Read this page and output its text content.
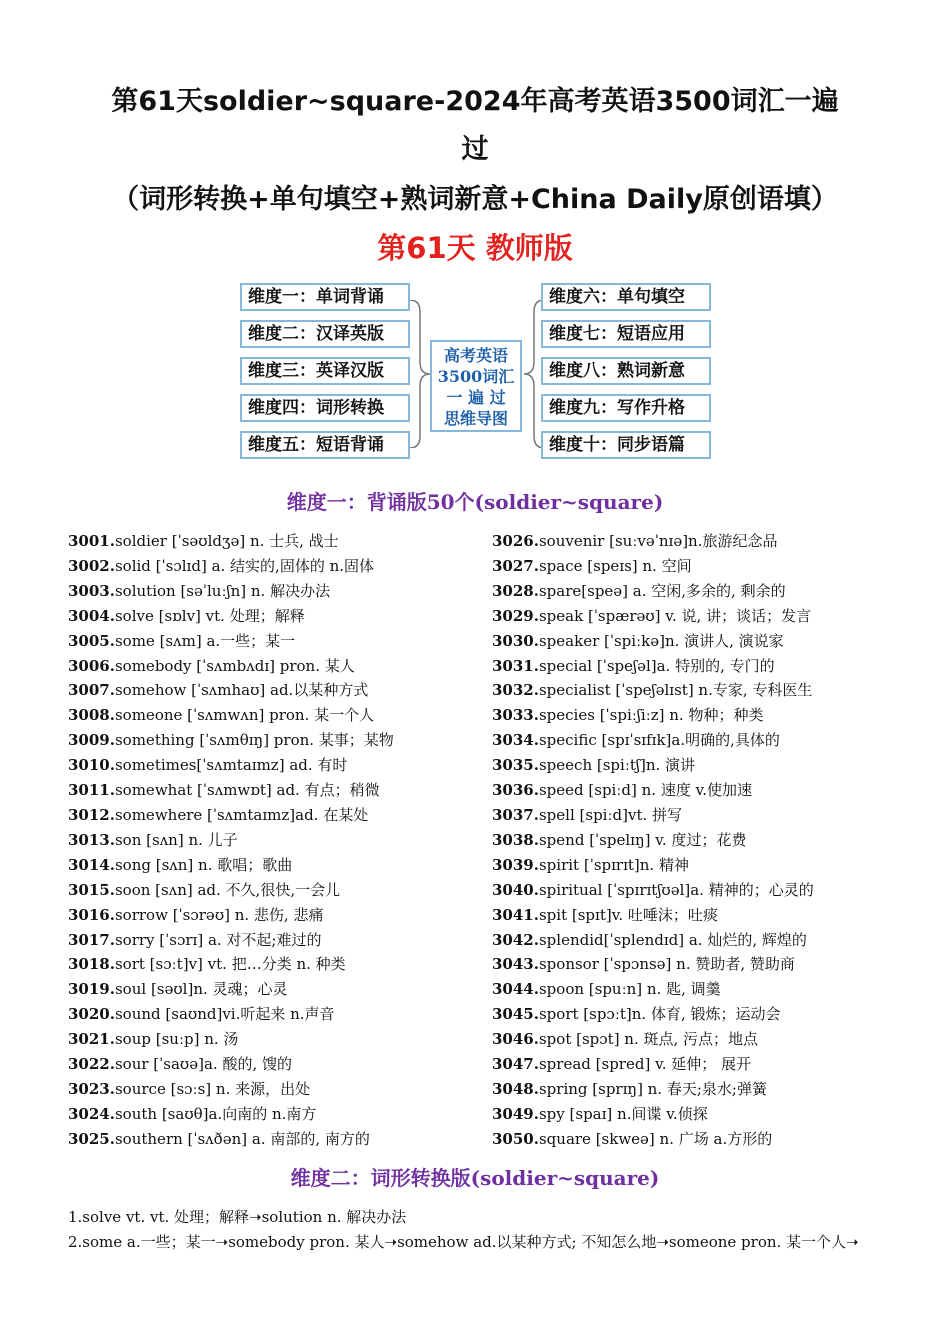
第61天soldier~square-2024年高考英语3500词汇一遍
过
（词形转换+单句填空+熟词新意+China Daily原创语填）
第61天 教师版
维度一：单词背诵
维度二：汉译英版
维度三：英译汉版
维度四：词形转换
维度五：短语背诵
高考英语
3500词汇
一 遍 过
思维导图
维度六：单句填空
维度七：短语应用
维度八：熟词新意
维度九：写作升格
维度十：同步语篇
维度一：背诵版50个(soldier~square)
3001.soldier [ˈsəʊldʒə] n. 士兵, 战士
3002.solid [ˈsɔlɪd] a. 结实的,固体的 n.固体
3003.solution [səˈluːʃn] n. 解决办法
3004.solve [sɒlv] vt. 处理；解释
3005.some [sʌm] a.一些；某一
3006.somebody [ˈsʌmbʌdɪ] pron. 某人
3007.somehow [ˈsʌmhaʊ] ad.以某种方式
3008.someone [ˈsʌmwʌn] pron. 某一个人
3009.something [ˈsʌmθɪŋ] pron. 某事；某物
3010.sometimes[ˈsʌmtaɪmz] ad. 有时
3011.somewhat [ˈsʌmwɒt] ad. 有点；稍微
3012.somewhere [ˈsʌmtaɪmz]ad. 在某处
3013.son [sʌn] n. 儿子
3014.song [sʌn] n. 歌唱；歌曲
3015.soon [sʌn] ad. 不久,很快,一会儿
3016.sorrow [ˈsɔrəʊ] n. 悲伤, 悲痛
3017.sorry [ˈsɔrɪ] a. 对不起;难过的
3018.sort [sɔːt]v] vt. 把…分类 n. 种类
3019.soul [səʊl]n. 灵魂；心灵
3020.sound [saʊnd]vi.听起来 n.声音
3021.soup [suːp] n. 汤
3022.sour [ˈsaʊə]a. 酸的, 馊的
3023.source [sɔːs] n. 来源，出处
3024.south [saʊθ]a.向南的 n.南方
3025.southern [ˈsʌðən] a. 南部的, 南方的
3026.souvenir [suːvəˈnɪə]n.旅游纪念品
3027.space [speɪs] n. 空间
3028.spare[speə] a. 空闲,多余的, 剩余的
3029.speak [ˈspærəʊ] v. 说, 讲；谈话；发言
3030.speaker [ˈspiːkə]n. 演讲人, 演说家
3031.special [ˈspeʃəl]a. 特别的, 专门的
3032.specialist [ˈspeʃəlɪst] n.专家, 专科医生
3033.species [ˈspiːʃiːz] n. 物种；种类
3034.specific [spɪˈsɪfɪk]a.明确的,具体的
3035.speech [spiːtʃ]n. 演讲
3036.speed [spiːd] n. 速度 v.使加速
3037.spell [spiːd]vt. 拼写
3038.spend [ˈspelɪŋ] v. 度过；花费
3039.spirit [ˈspɪrɪt]n. 精神
3040.spiritual [ˈspɪrɪtʃʊəl]a. 精神的；心灵的
3041.spit [spɪt]v. 吐唾沫；吐痰
3042.splendid[ˈsplendɪd] a. 灿烂的, 辉煌的
3043.sponsor [ˈspɔnsə] n. 赞助者, 赞助商
3044.spoon [spuːn] n. 匙, 调羹
3045.sport [spɔːt]n. 体育, 锻炼；运动会
3046.spot [spɔt] n. 斑点, 污点；地点
3047.spread [spred] v. 延伸； 展开
3048.spring [sprɪŋ] n. 春天;泉水;弹簧
3049.spy [spaɪ] n.间谍 v.侦探
3050.square [skweə] n. 广场 a.方形的
维度二：词形转换版(soldier~square)
1.solve vt. vt. 处理；解释➝solution n. 解决办法
2.some a.一些；某一➝somebody pron. 某人➝somehow ad.以某种方式; 不知怎么地➝someone pron. 某一个人➝
